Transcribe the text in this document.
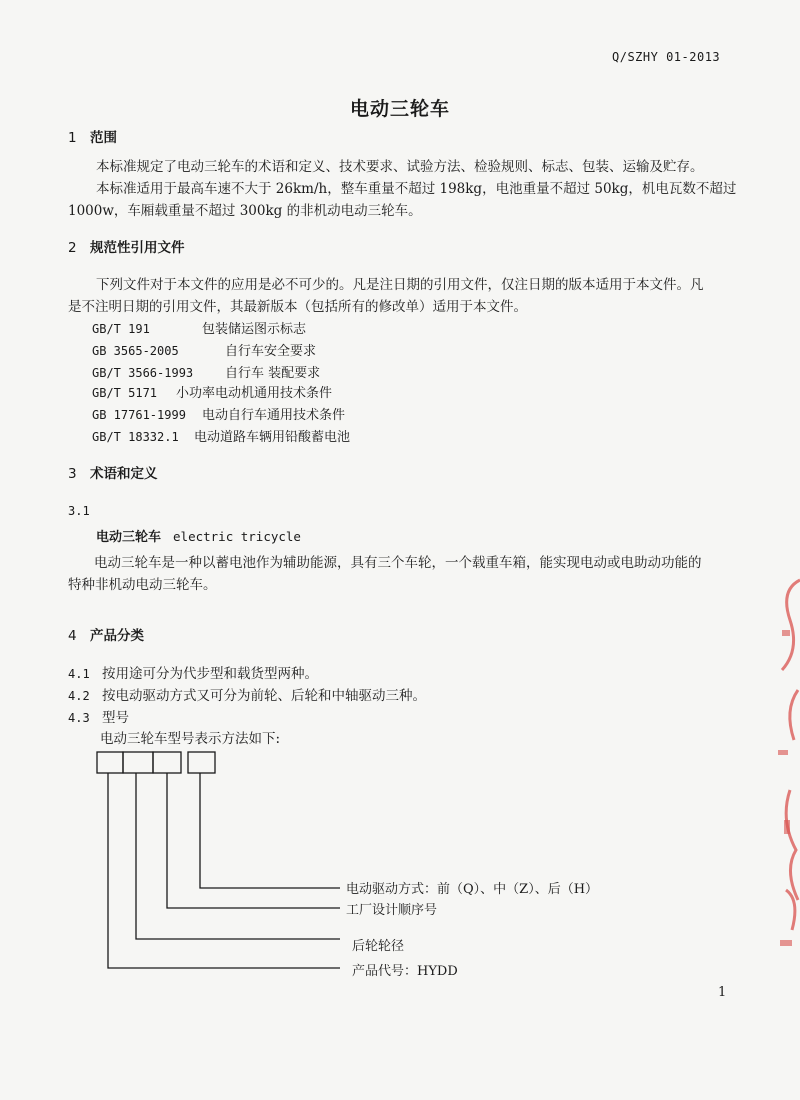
Q/SZHY 01-2013
电动三轮车
1 范围
本标准规定了电动三轮车的术语和定义、技术要求、试验方法、检验规则、标志、包装、运输及贮存。
本标准适用于最高车速不大于 26km/h，整车重量不超过 198kg，电池重量不超过 50kg，机电瓦数不超过
1000w，车厢载重量不超过 300kg 的非机动电动三轮车。
2 规范性引用文件
下列文件对于本文件的应用是必不可少的。凡是注日期的引用文件，仅注日期的版本适用于本文件。凡
是不注明日期的引用文件，其最新版本（包括所有的修改单）适用于本文件。
GB/T 191	包装储运图示标志
GB 3565-2005	自行车安全要求
GB/T 3566-1993 自行车 装配要求
GB/T 5171 小功率电动机通用技术条件
GB 17761-1999 电动自行车通用技术条件
GB/T 18332.1 电动道路车辆用铅酸蓄电池
3 术语和定义
3.1
电动三轮车 electric tricycle
电动三轮车是一种以蓄电池作为辅助能源，具有三个车轮，一个载重车箱，能实现电动或电助动功能的
特种非机动电动三轮车。
4 产品分类
4.1 按用途可分为代步型和载货型两种。
4.2 按电动驱动方式又可分为前轮、后轮和中轴驱动三种。
4.3 型号
电动三轮车型号表示方法如下:
电动驱动方式：前（Q）、中（Z）、后（H）
工厂设计顺序号
后轮轮径
产品代号：HYDD
1
